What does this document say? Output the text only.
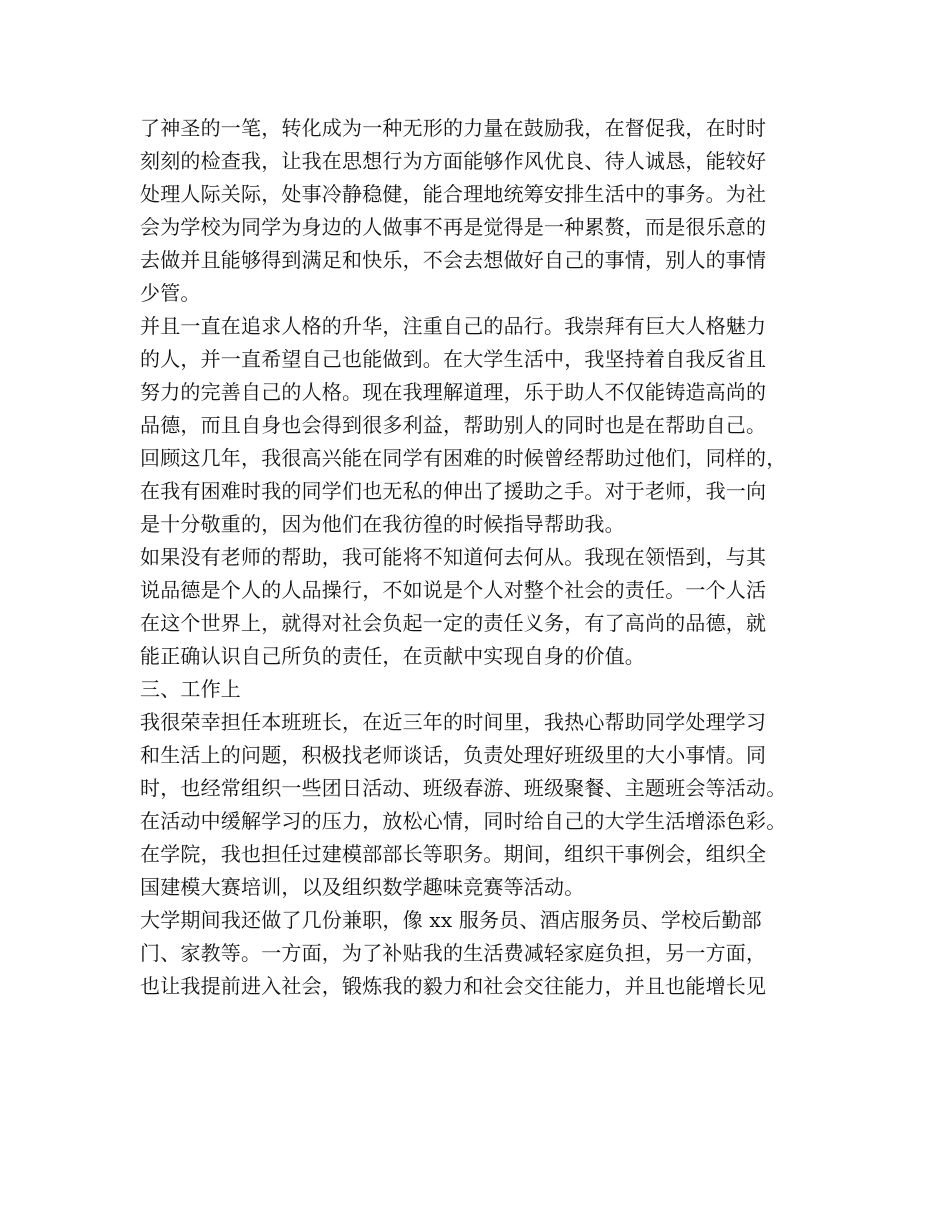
了神圣的一笔，转化成为一种无形的力量在鼓励我，在督促我，在时时
刻刻的检查我，让我在思想行为方面能够作风优良、待人诚恳，能较好
处理人际关际，处事冷静稳健，能合理地统筹安排生活中的事务。为社
会为学校为同学为身边的人做事不再是觉得是一种累赘，而是很乐意的
去做并且能够得到满足和快乐，不会去想做好自己的事情，别人的事情
少管。
并且一直在追求人格的升华，注重自己的品行。我崇拜有巨大人格魅力
的人，并一直希望自己也能做到。在大学生活中，我坚持着自我反省且
努力的完善自己的人格。现在我理解道理，乐于助人不仅能铸造高尚的
品德，而且自身也会得到很多利益，帮助别人的同时也是在帮助自己。
回顾这几年，我很高兴能在同学有困难的时候曾经帮助过他们，同样的，
在我有困难时我的同学们也无私的伸出了援助之手。对于老师，我一向
是十分敬重的，因为他们在我彷徨的时候指导帮助我。
如果没有老师的帮助，我可能将不知道何去何从。我现在领悟到，与其
说品德是个人的人品操行，不如说是个人对整个社会的责任。一个人活
在这个世界上，就得对社会负起一定的责任义务，有了高尚的品德，就
能正确认识自己所负的责任，在贡献中实现自身的价值。
三、工作上
我很荣幸担任本班班长，在近三年的时间里，我热心帮助同学处理学习
和生活上的问题，积极找老师谈话，负责处理好班级里的大小事情。同
时，也经常组织一些团日活动、班级春游、班级聚餐、主题班会等活动。
在活动中缓解学习的压力，放松心情，同时给自己的大学生活增添色彩。
在学院，我也担任过建模部部长等职务。期间，组织干事例会，组织全
国建模大赛培训，以及组织数学趣味竞赛等活动。
大学期间我还做了几份兼职，像 xx 服务员、酒店服务员、学校后勤部
门、家教等。一方面，为了补贴我的生活费减轻家庭负担，另一方面，
也让我提前进入社会，锻炼我的毅力和社会交往能力，并且也能增长见
